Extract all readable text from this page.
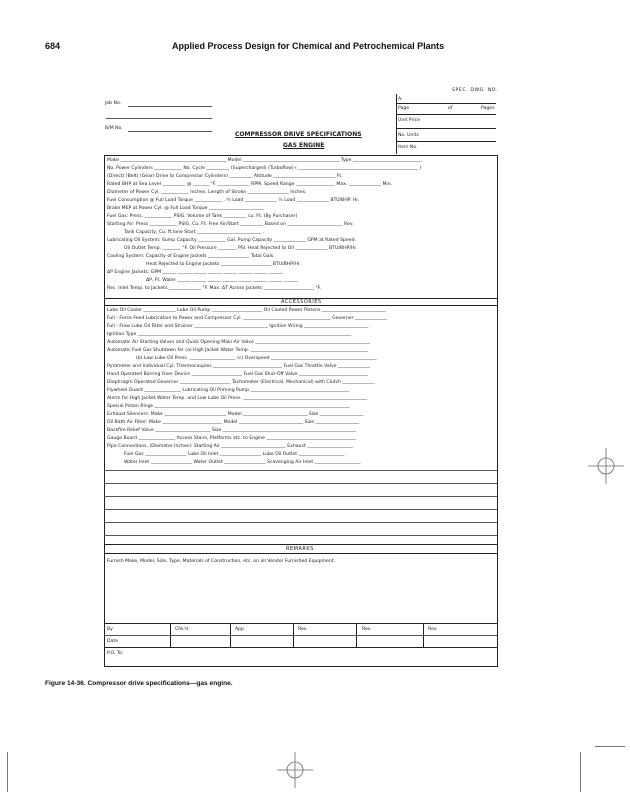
684	Applied Process Design for Chemical and Petrochemical Plants
SPEC. DWG. NO.
A-
Page	of	Pages
Unit Price
No. Units
Item No.
Job No.
B/M No.
COMPRESSOR DRIVE SPECIFICATIONS
GAS ENGINE
Make ______________________________________________ Model __________________________________________ Type ______________________________
No. Power Cylinders ____________ No. Cycle __________ (Supercharged) (Turboflow) ( ____________________________________________________ )
(Direct) (Belt) (Gear) Drive to Compressor Cylinders) __________ Altitude ___________________________ Ft.
Rated BHP at Sea Level __________ @ _______ °F. ______________ RPM. Speed Range _________________ Max. ______________ Min.
Diameter of Power Cyl. ____________ Inches. Length of Stroke __________________ Inches.
Fuel Consumption @ Full Load Torque ____________ , ¾ Load ______________ ½ Load ______________ BTU/BHP. Hr.
Brake MEP at Power Cyl. @ Full Load Torque ________________________
Fuel Gas: Press. ____________ PSIG. Volume of Tank __________ cu. Ft. (By Purchaser)
Starting Air: Press ____________ PSIG. Cu. Ft. Free Air/Start __________ Based on ________________________ Rev.
Tank Capacity, Cu. ft./one Start ____________________________ .
Lubricating Oil System: Sump Capacity ____________ Gal. Pump Capacity ______________ GPM at Rated Speed.
Oil Outlet Temp. ________ °F. Oil Pressure ________ PSI. Heat Rejected to Oil ______________ BTU/BHP/Hr.
Cooling System: Capacity of Engine Jackets __________________ Total Gals.
Heat Rejected to Engine Jackets ______________________ BTU/BHP/Hr.
ΔP Engine Jackets: GPM ______ ______ ______ ______ ______ ______ ______ ______
ΔP, Ft. Water ______ ______ ______ ______ ______ ______ ______ ______
Rec. Inlet Temp. to Jackets ______________ °F. Max. ΔT Across Jackets ______________________ °F.
ACCESSORIES
Lube Oil Cooler ______________ Lube Oil Pump ______________________ Oil Cooled Power Pistons ____________________________
Full - Force Feed Lubrication to Power and Compressor Cyl. ______________________________________ Governor ______________
Full - Flow Lube Oil Filter and Strainer ________________________________ Ignition Wiring ____________________________
Ignition Type _____________________________________________________________________________________________
Automatic Air Starting Valves and Quick Opening Main Air Valve __________________________________________________
Automatic Fuel Gas Shutdown for (a) High Jacket Water Temp. ___________________________________________________
(b) Low Lube Oil Press. ____________________ (c) Overspeed ______________________________________________
Pyrometer and Individual Cyl. Thermocouples ______________________________ Fuel Gas Throttle Valve ______________
Hand Operated Barring Over Device ______________________ Fuel Gas Shut-Off Valve ______________________________
Diaphragm Operated Governor ______________________ Tachometer (Electrical, Mechanical) with Clutch ______________
Flywheel Guard ________________ Lubricating Oil Priming Pump ___________________________________________
Alarm for High Jacket Water Temp. and Low Lube Oil Press. ______________________________________________________
Special Piston Rings _____________________________________________________________________________________
Exhaust Silencers: Make ___________________________ Model ____________________________ Size ___________________
Oil Bath Air Filter: Make __________________________ Model ____________________________ Size ___________________
Backfire Relief Valve ________________________ Size __________________________________________________________
Gauge Board ________________ Access Stairs, Platforms etc. to Engine _______________________________________
Pipe Connections, (Diameter Inches): Starting Air ____________________________ Exhaust ____________________
Fuel Gas __________________ Lube Oil Inlet __________________ Lube Oil Outlet ____________________
Water Inlet __________________ Water Outlet __________________ Scavenging Air Inlet ____________________
REMARKS
Furnish Make, Model, Size, Type, Materials of Construction, etc. on all Vendor Furnished Equipment.
By	Chk'd.	App.	Rev.	Rev.	Rev.
Date
P.O. To:
Figure 14-36. Compressor drive specifications—gas engine.
